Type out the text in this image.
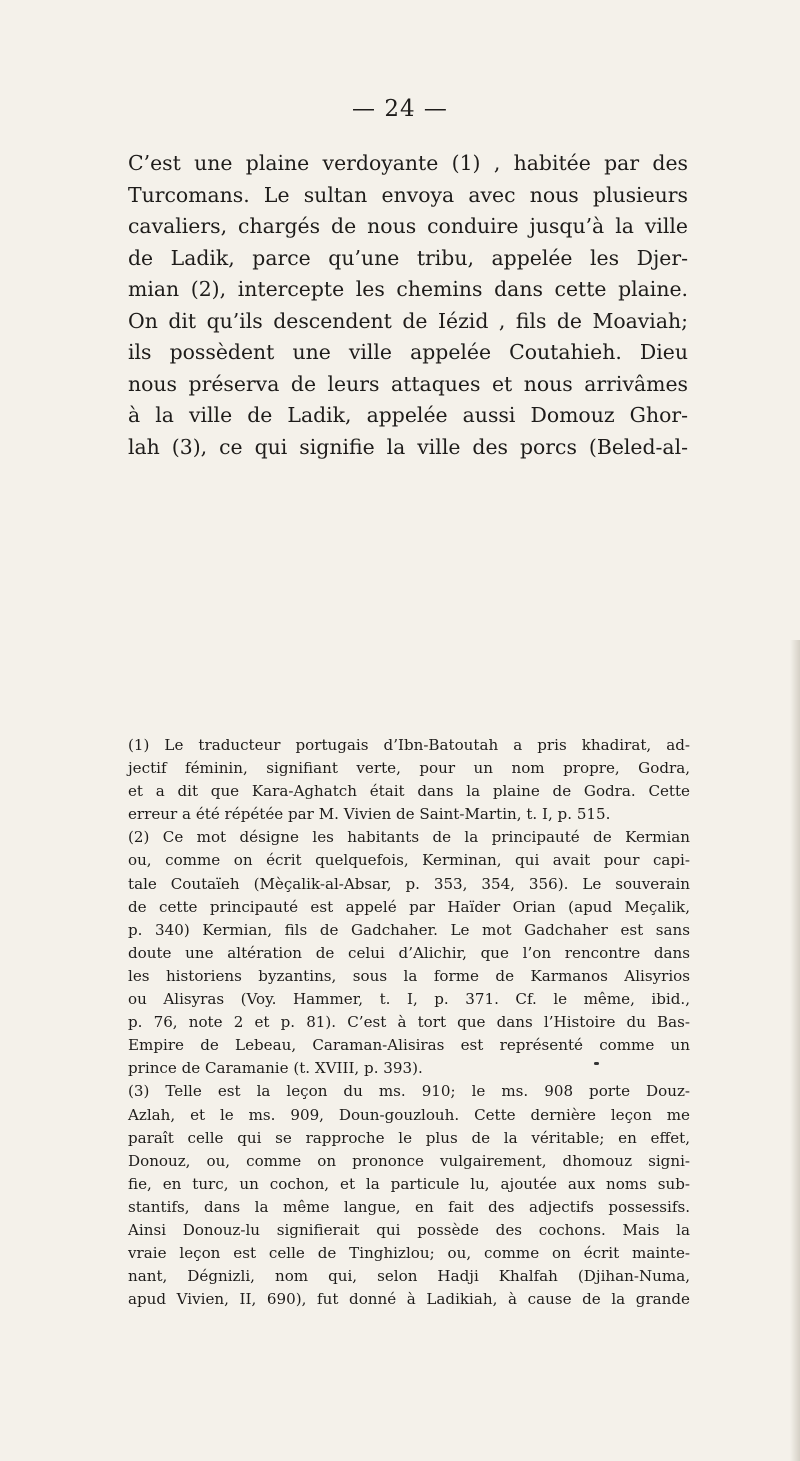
— 24 —
C’est une plaine verdoyante (1) , habitée par des
Turcomans. Le sultan envoya avec nous plusieurs
cavaliers, chargés de nous conduire jusqu’à la ville
de Ladik, parce qu’une tribu, appelée les Djer-
mian (2), intercepte les chemins dans cette plaine.
On dit qu’ils descendent de Iézid , fils de Moaviah;
ils possèdent une ville appelée Coutahieh. Dieu
nous préserva de leurs attaques et nous arrivâmes
à la ville de Ladik, appelée aussi Domouz Ghor-
lah (3), ce qui signifie la ville des porcs (Beled-al-
(1) Le traducteur portugais d’Ibn-Batoutah a pris khadirat, ad-
jectif féminin, signifiant verte, pour un nom propre, Godra,
et a dit que Kara-Aghatch était dans la plaine de Godra. Cette
erreur a été répétée par M. Vivien de Saint-Martin, t. I, p. 515.
(2) Ce mot désigne les habitants de la principauté de Kermian
ou, comme on écrit quelquefois, Kerminan, qui avait pour capi-
tale Coutaïeh (Mèçalik-al-Absar, p. 353, 354, 356). Le souverain
de cette principauté est appelé par Haïder Orian (apud Meçalik,
p. 340) Kermian, fils de Gadchaher. Le mot Gadchaher est sans
doute une altération de celui d’Alichir, que l’on rencontre dans
les historiens byzantins, sous la forme de Karmanos Alisyrios
ou Alisyras (Voy. Hammer, t. I, p. 371. Cf. le même, ibid.,
p. 76, note 2 et p. 81). C’est à tort que dans l’Histoire du Bas-
Empire de Lebeau, Caraman-Alisiras est représenté comme un
prince de Caramanie (t. XVIII, p. 393).
(3) Telle est la leçon du ms. 910; le ms. 908 porte Douz-
Azlah, et le ms. 909, Doun-gouzlouh. Cette dernière leçon me
paraît celle qui se rapproche le plus de la véritable; en effet,
Donouz, ou, comme on prononce vulgairement, dhomouz signi-
fie, en turc, un cochon, et la particule lu, ajoutée aux noms sub-
stantifs, dans la même langue, en fait des adjectifs possessifs.
Ainsi Donouz-lu signifierait qui possède des cochons. Mais la
vraie leçon est celle de Tinghizlou; ou, comme on écrit mainte-
nant, Dégnizli, nom qui, selon Hadji Khalfah (Djihan-Numa,
apud Vivien, II, 690), fut donné à Ladikiah, à cause de la grande
